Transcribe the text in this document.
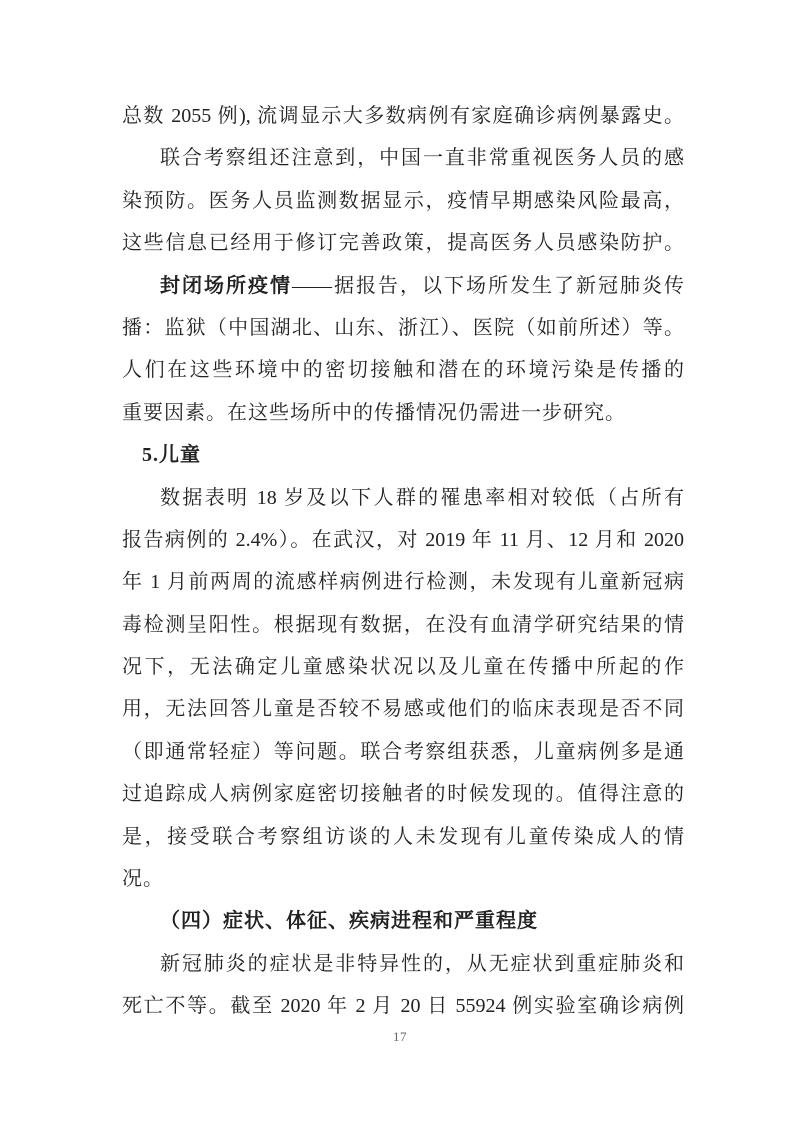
总数 2055 例), 流调显示大多数病例有家庭确诊病例暴露史。
联合考察组还注意到，中国一直非常重视医务人员的感
染预防。医务人员监测数据显示，疫情早期感染风险最高，
这些信息已经用于修订完善政策，提高医务人员感染防护。
封闭场所疫情——据报告，以下场所发生了新冠肺炎传
播：监狱（中国湖北、山东、浙江）、医院（如前所述）等。
人们在这些环境中的密切接触和潜在的环境污染是传播的
重要因素。在这些场所中的传播情况仍需进一步研究。
5.儿童
数据表明 18 岁及以下人群的罹患率相对较低（占所有
报告病例的 2.4%）。在武汉，对 2019 年 11 月、12 月和 2020
年 1 月前两周的流感样病例进行检测，未发现有儿童新冠病
毒检测呈阳性。根据现有数据，在没有血清学研究结果的情
况下，无法确定儿童感染状况以及儿童在传播中所起的作
用，无法回答儿童是否较不易感或他们的临床表现是否不同
（即通常轻症）等问题。联合考察组获悉，儿童病例多是通
过追踪成人病例家庭密切接触者的时候发现的。值得注意的
是，接受联合考察组访谈的人未发现有儿童传染成人的情
况。
（四）症状、体征、疾病进程和严重程度
新冠肺炎的症状是非特异性的，从无症状到重症肺炎和
死亡不等。截至 2020 年 2 月 20 日 55924 例实验室确诊病例
17
